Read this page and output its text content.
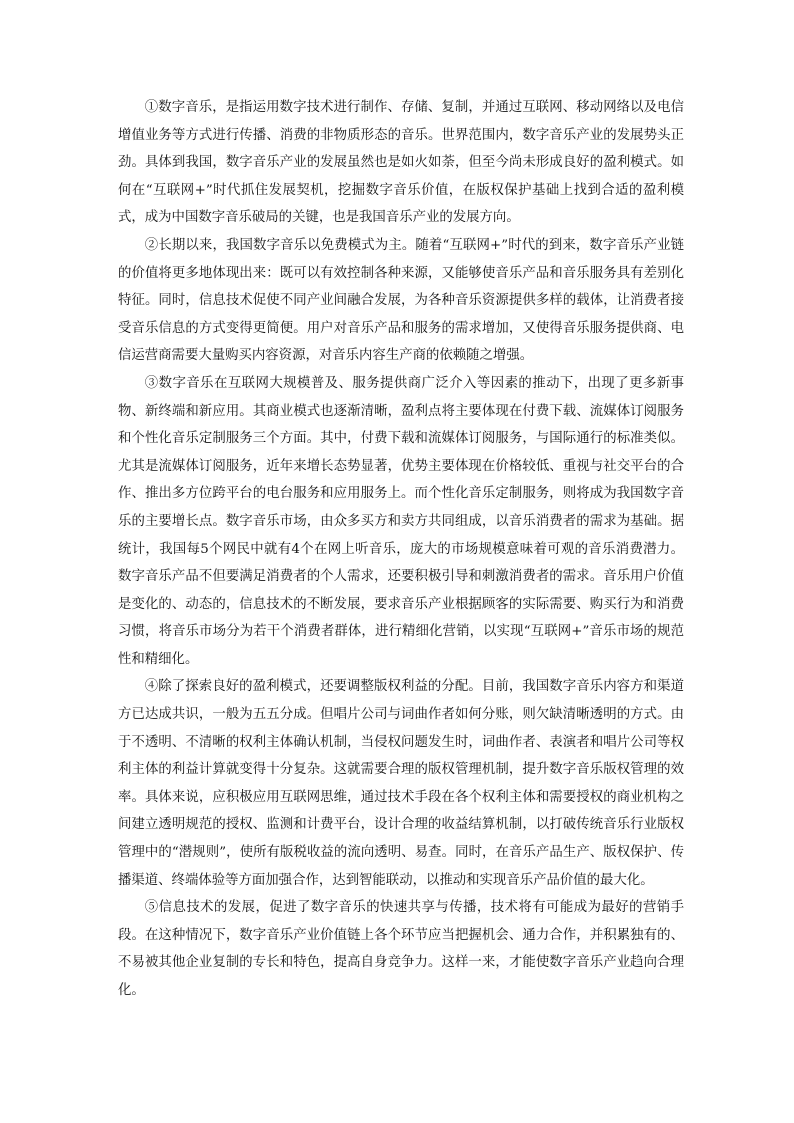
①数字音乐，是指运用数字技术进行制作、存储、复制，并通过互联网、移动网络以及电信增值业务等方式进行传播、消费的非物质形态的音乐。世界范围内，数字音乐产业的发展势头正劲。具体到我国，数字音乐产业的发展虽然也是如火如荼，但至今尚未形成良好的盈利模式。如何在“互联网+”时代抓住发展契机，挖掘数字音乐价值，在版权保护基础上找到合适的盈利模式，成为中国数字音乐破局的关键，也是我国音乐产业的发展方向。

②长期以来，我国数字音乐以免费模式为主。随着“互联网+”时代的到来，数字音乐产业链的价值将更多地体现出来：既可以有效控制各种来源，又能够使音乐产品和音乐服务具有差别化特征。同时，信息技术促使不同产业间融合发展，为各种音乐资源提供多样的载体，让消费者接受音乐信息的方式变得更简便。用户对音乐产品和服务的需求增加，又使得音乐服务提供商、电信运营商需要大量购买内容资源，对音乐内容生产商的依赖随之增强。

③数字音乐在互联网大规模普及、服务提供商广泛介入等因素的推动下，出现了更多新事物、新终端和新应用。其商业模式也逐渐清晰，盈利点将主要体现在付费下载、流媒体订阅服务和个性化音乐定制服务三个方面。其中，付费下载和流媒体订阅服务，与国际通行的标准类似。尤其是流媒体订阅服务，近年来增长态势显著，优势主要体现在价格较低、重视与社交平台的合作、推出多方位跨平台的电台服务和应用服务上。而个性化音乐定制服务，则将成为我国数字音乐的主要增长点。数字音乐市场，由众多买方和卖方共同组成，以音乐消费者的需求为基础。据统计，我国每5个网民中就有4个在网上听音乐，庞大的市场规模意味着可观的音乐消费潜力。数字音乐产品不但要满足消费者的个人需求，还要积极引导和刺激消费者的需求。音乐用户价值是变化的、动态的，信息技术的不断发展，要求音乐产业根据顾客的实际需要、购买行为和消费习惯，将音乐市场分为若干个消费者群体，进行精细化营销，以实现“互联网+”音乐市场的规范性和精细化。

④除了探索良好的盈利模式，还要调整版权利益的分配。目前，我国数字音乐内容方和渠道方已达成共识，一般为五五分成。但唱片公司与词曲作者如何分账，则欠缺清晰透明的方式。由于不透明、不清晰的权利主体确认机制，当侵权问题发生时，词曲作者、表演者和唱片公司等权利主体的利益计算就变得十分复杂。这就需要合理的版权管理机制，提升数字音乐版权管理的效率。具体来说，应积极应用互联网思维，通过技术手段在各个权利主体和需要授权的商业机构之间建立透明规范的授权、监测和计费平台，设计合理的收益结算机制，以打破传统音乐行业版权管理中的“潜规则”，使所有版税收益的流向透明、易查。同时，在音乐产品生产、版权保护、传播渠道、终端体验等方面加强合作，达到智能联动，以推动和实现音乐产品价值的最大化。

⑤信息技术的发展，促进了数字音乐的快速共享与传播，技术将有可能成为最好的营销手段。在这种情况下，数字音乐产业价值链上各个环节应当把握机会、通力合作，并积累独有的、不易被其他企业复制的专长和特色，提高自身竞争力。这样一来，才能使数字音乐产业趋向合理化。
